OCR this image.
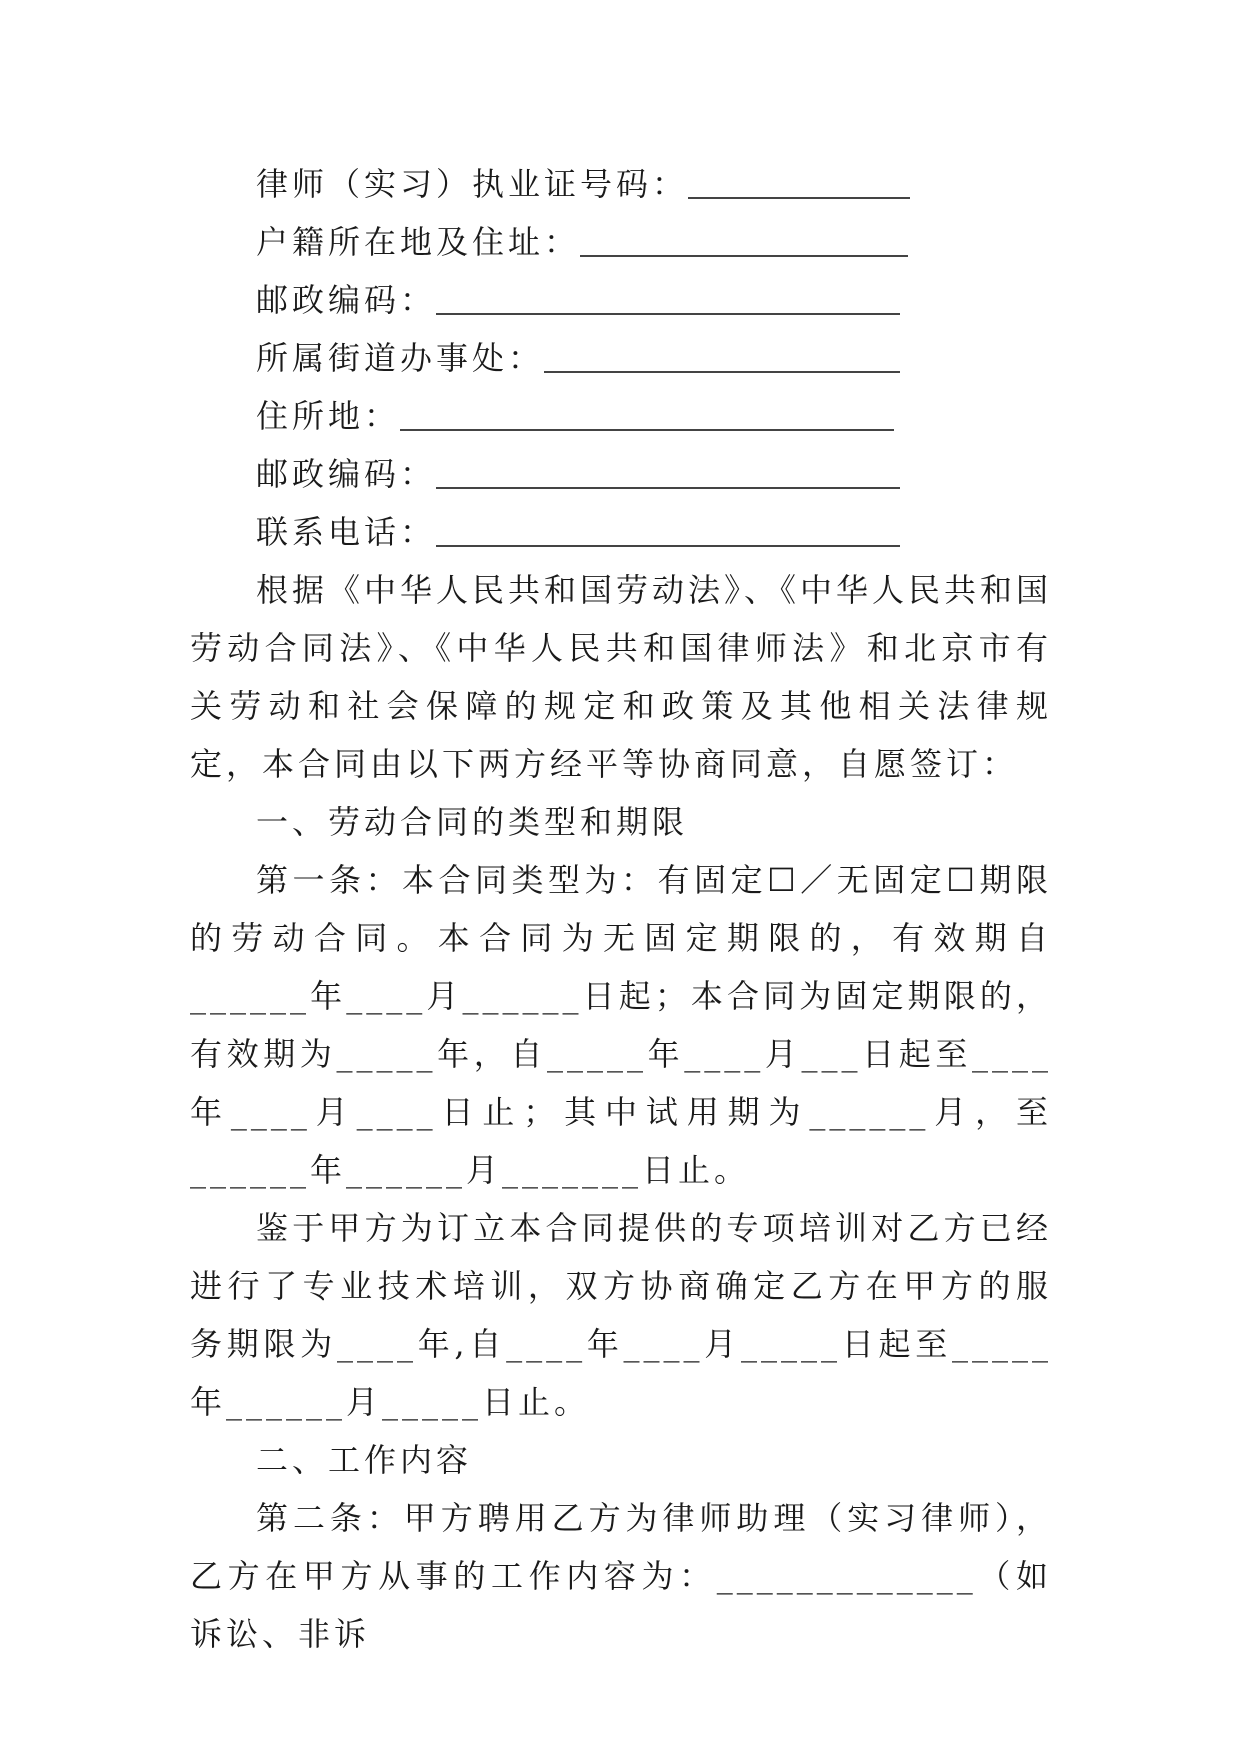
律师（实习）执业证号码：
户籍所在地及住址：
邮政编码：
所属街道办事处：
住所地：
邮政编码：
联系电话：

根据《中华人民共和国劳动法》、《中华人民共和国劳动合同法》、《中华人民共和国律师法》和北京市有关劳动和社会保障的规定和政策及其他相关法律规定，本合同由以下两方经平等协商同意，自愿签订：

一、劳动合同的类型和期限

第一条：本合同类型为：有固定☐／无固定☐期限的劳动合同。本合同为无固定期限的，有效期自______年____月______日起；本合同为固定期限的，有效期为_____年，自_____年____月___日起至____年____月____日止；其中试用期为______月，至______年______月_______日止。

鉴于甲方为订立本合同提供的专项培训对乙方已经进行了专业技术培训，双方协商确定乙方在甲方的服务期限为____年,自____年____月_____日起至_____年______月_____日止。

二、工作内容

第二条：甲方聘用乙方为律师助理（实习律师），乙方在甲方从事的工作内容为：_____________（如诉讼、非诉
